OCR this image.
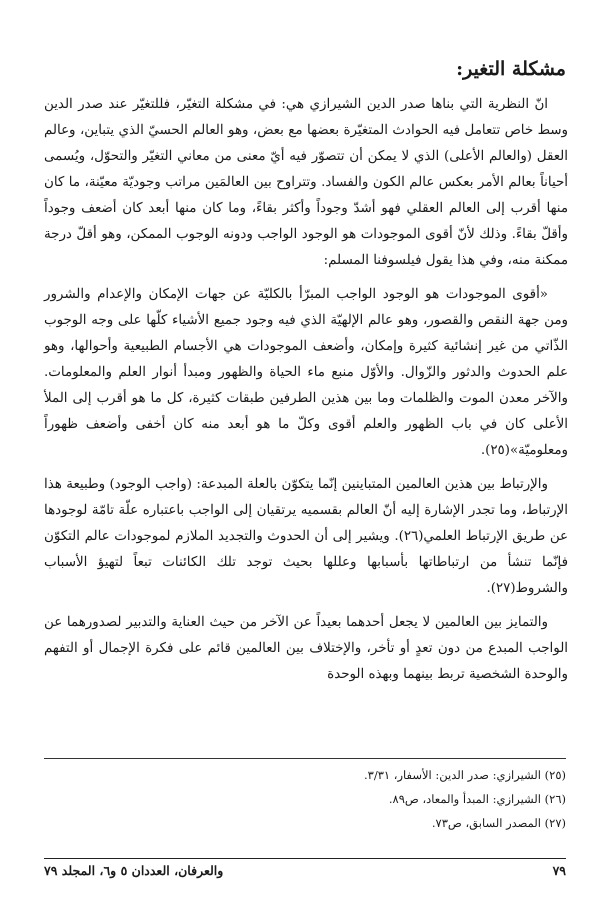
مشكلة التغير:

انّ النظرية التي بناها صدر الدين الشيرازي هي: في مشكلة التغيّر، فللتغيّر عند صدر الدين وسط خاص تتعامل فيه الحوادث المتغيّرة بعضها مع بعض، وهو العالم الحسيّ الذي يتباين، وعالم العقل (والعالم الأعلى) الذي لا يمكن أن تتصوّر فيه أيّ معنى من معاني التغيّر والتحوّل، ويُسمى أحياناً بعالم الأمر بعكس عالم الكون والفساد. وتتراوح بين العالمَين مراتب وجوديّة معيّنة، ما كان منها أقرب إلى العالم العقلي فهو أشدّ وجوداً وأكثر بقاءً، وما كان منها أبعد كان أضعف وجوداً وأقلّ بقاءً. وذلك لأنّ أقوى الموجودات هو الوجود الواجب ودونه الوجوب الممكن، وهو أقلّ درجة ممكنة منه، وفي هذا يقول فيلسوفنا المسلم:

«أقوى الموجودات هو الوجود الواجب المبرّأ بالكليّة عن جهات الإمكان والإعدام والشرور ومن جهة النقص والقصور، وهو عالم الإلهيّة الذي فيه وجود جميع الأشياء كلّها على وجه الوجوب الذّاتي من غير إنشائية كثيرة وإمكان، وأضعف الموجودات هي الأجسام الطبيعية وأحوالها، وهو علم الحدوث والدثور والزّوال. والأوّل منبع ماء الحياة والظهور ومبدأ أنوار العلم والمعلومات. والآخر معدن الموت والظلمات وما بين هذين الطرفين طبقات كثيرة، كل ما هو أقرب إلى الملأ الأعلى كان في باب الظهور والعلم أقوى وكلّ ما هو أبعد منه كان أخفى وأضعف ظهوراً ومعلوميّة»(٢٥).

والإرتباط بين هذين العالمين المتباينين إنّما يتكوّن بالعلة المبدعة: (واجب الوجود) وطبيعة هذا الإرتباط، وما تجدر الإشارة إليه أنّ العالم بقسميه يرتقيان إلى الواجب باعتباره علّة تامّة لوجودها عن طريق الإرتباط العلمي(٢٦). ويشير إلى أن الحدوث والتجديد الملازم لموجودات عالم التكوّن فإنّما تنشأ من ارتباطاتها بأسبابها وعللها بحيث توجد تلك الكائنات تبعاً لتهيؤ الأسباب والشروط(٢٧).

والتمايز بين العالمين لا يجعل أحدهما بعيداً عن الآخر من حيث العناية والتدبير لصدورهما عن الواجب المبدع من دون تعدٍ أو تأخر، والإختلاف بين العالمين قائم على فكرة الإجمال أو التفهم والوحدة الشخصية تربط بينهما وبهذه الوحدة

(٢٥) الشيرازي: صدر الدين: الأسفار، ٣/٣١.
(٢٦) الشيرازي: المبدأ والمعاد، ص٨٩.
(٢٧) المصدر السابق، ص٧٣.
٧٩
والعرفان، العددان ٥ و٦، المجلد ٧٩
